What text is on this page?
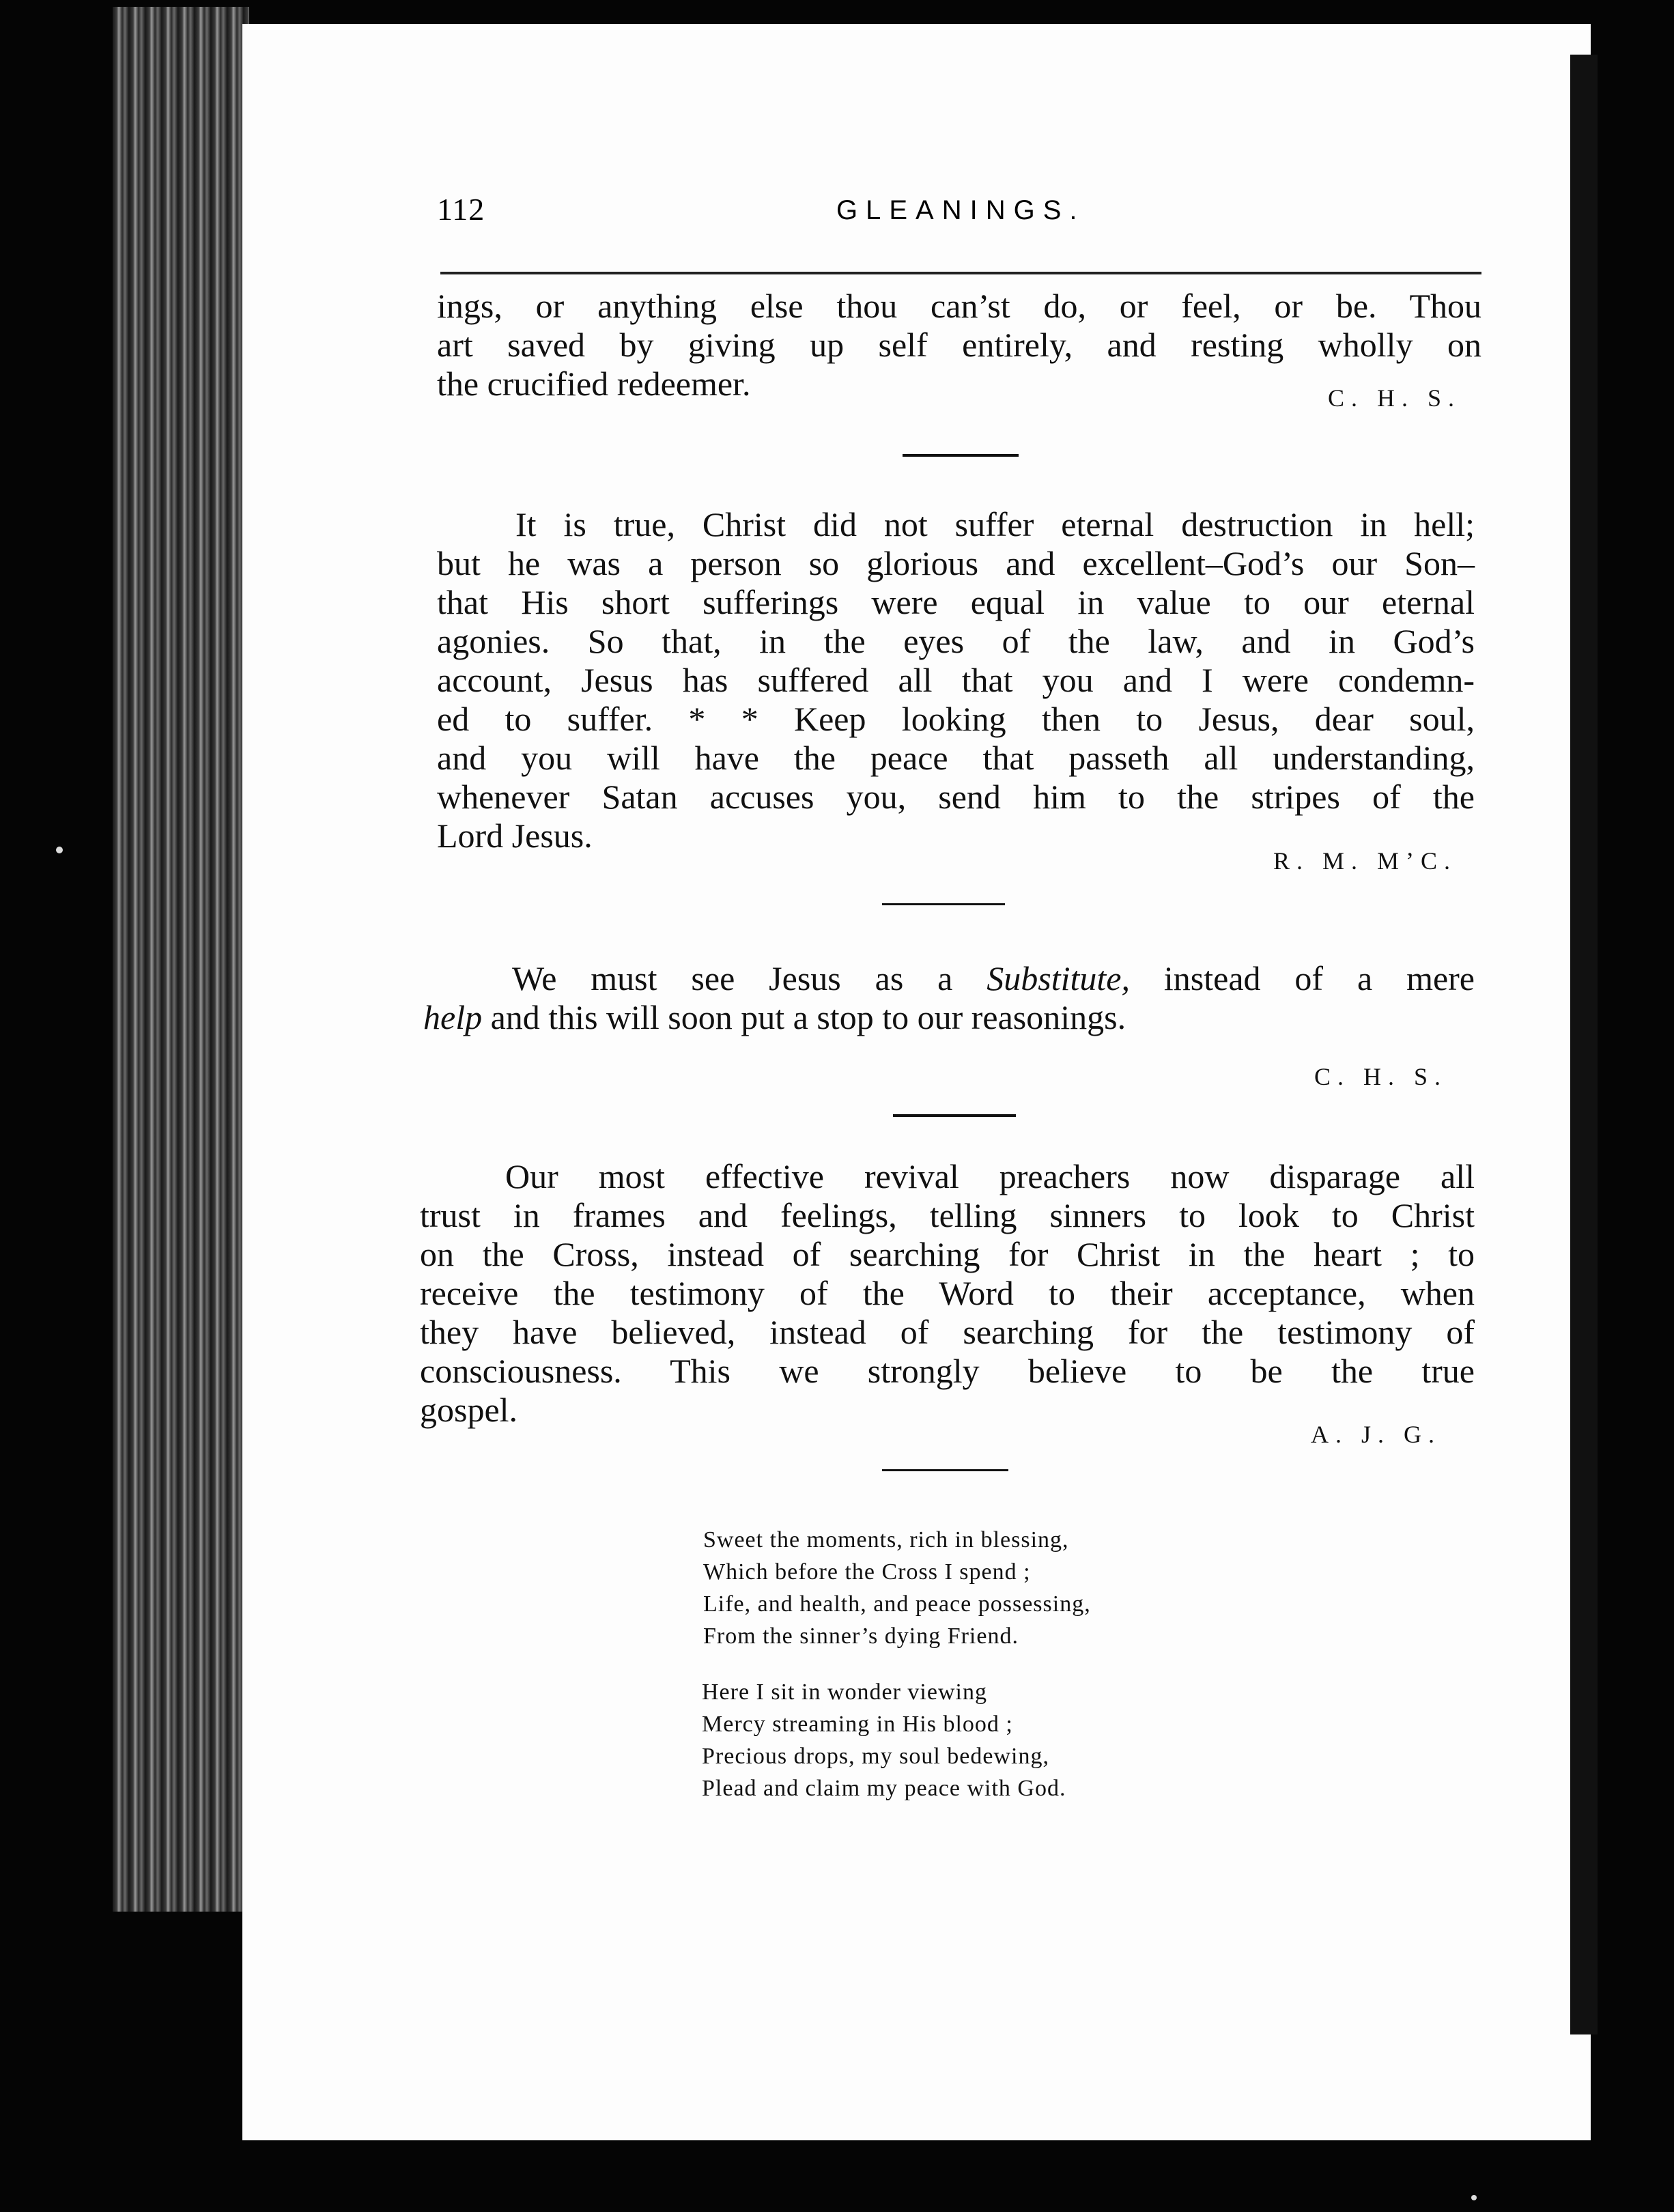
112	GLEANINGS.
ings, or anything else thou can’st do, or feel, or be. Thou
art saved by giving up self entirely, and resting wholly on
the crucified redeemer.	C. H. S.
It is true, Christ did not suffer eternal destruction in hell;
but he was a person so glorious and excellent–God’s our Son–
that His short sufferings were equal in value to our eternal
agonies. So that, in the eyes of the law, and in God’s
account, Jesus has suffered all that you and I were condemn-
ed to suffer. * * Keep looking then to Jesus, dear soul,
and you will have the peace that passeth all understanding,
whenever Satan accuses you, send him to the stripes of the
Lord Jesus.
R. M. M’C.
We must see Jesus as a Substitute, instead of a mere
help and this will soon put a stop to our reasonings.
C. H. S.
Our most effective revival preachers now disparage all
trust in frames and feelings, telling sinners to look to Christ
on the Cross, instead of searching for Christ in the heart ; to
receive the testimony of the Word to their acceptance, when
they have believed, instead of searching for the testimony of
consciousness. This we strongly believe to be the true
gospel.
A. J. G.
Sweet the moments, rich in blessing,
Which before the Cross I spend ;
Life, and health, and peace possessing,
From the sinner’s dying Friend.
Here I sit in wonder viewing
Mercy streaming in His blood ;
Precious drops, my soul bedewing,
Plead and claim my peace with God.
